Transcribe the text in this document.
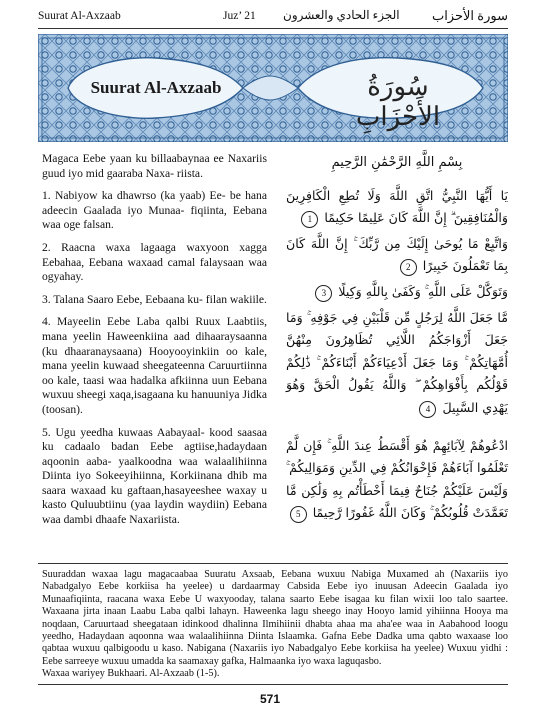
Suurat Al-Axzaab	Juz’ 21 الجزء الحادي والعشرون سورة الأحزاب
Suurat Al-Axzaab	سُورَةُ الأَحْزَابِ

Magaca Eebe yaan ku billaabaynaa ee Naxariis guud iyo mid gaaraba Naxa- riista.

1. Nabiyow ka dhawrso (ka yaab) Ee- be hana adeecin Gaalada iyo Munaa- fiqiinta, Eebana waa oge falsan.

2. Raacna waxa lagaaga waxyoon xagga Eebahaa, Eebana waxaad camal falaysaan waa ogyahay.

3. Talana Saaro Eebe, Eebaana ku- filan wakiile.

4. Mayeelin Eebe Laba qalbi Ruux Laabtiis, mana yeelin Haweenkiina aad dihaaraysaanna (ku dhaaranaysaana) Hooyooyinkiin oo kale, mana yeelin kuwaad sheegateenna Caruurtiinna oo kale, taasi waa hadalka afkiinna uun Eebana wuxuu sheegi xaqa,isagaana ku hanuuniya Jidka (toosan).

5. Ugu yeedha kuwaas Aabayaal- kood saasaa ku cadaalo badan Eebe agtiise,hadaydaan aqoonin aaba- yaalkoodna waa walaalihiinna Diinta iyo Sokeeyihiinna, Korkiinana dhib ma saara waxaad ku gaftaan,hasayeeshee waxay u kasto Quluubtiinu (yaa laydin waydiin) Eebana waa dambi dhaafe Naxariista.

بِسْمِ اللَّهِ الرَّحْمَٰنِ الرَّحِيمِ
يَا أَيُّهَا النَّبِيُّ اتَّقِ اللَّهَ وَلَا تُطِعِ الْكَافِرِينَ وَالْمُنَافِقِينَ ۗ إِنَّ اللَّهَ كَانَ عَلِيمًا حَكِيمًا 1
وَاتَّبِعْ مَا يُوحَىٰ إِلَيْكَ مِن رَّبِّكَ ۚ إِنَّ اللَّهَ كَانَ بِمَا تَعْمَلُونَ خَبِيرًا 2
وَتَوَكَّلْ عَلَى اللَّهِ ۚ وَكَفَىٰ بِاللَّهِ وَكِيلًا 3
مَّا جَعَلَ اللَّهُ لِرَجُلٍ مِّن قَلْبَيْنِ فِي جَوْفِهِ ۚ وَمَا جَعَلَ أَزْوَاجَكُمُ اللَّائِي تُظَاهِرُونَ مِنْهُنَّ أُمَّهَاتِكُمْ ۚ وَمَا جَعَلَ أَدْعِيَاءَكُمْ أَبْنَاءَكُمْ ۚ ذَٰلِكُمْ قَوْلُكُم بِأَفْوَاهِكُمْ ۖ وَاللَّهُ يَقُولُ الْحَقَّ وَهُوَ يَهْدِي السَّبِيلَ 4
ادْعُوهُمْ لِآبَائِهِمْ هُوَ أَقْسَطُ عِندَ اللَّهِ ۚ فَإِن لَّمْ تَعْلَمُوا آبَاءَهُمْ فَإِخْوَانُكُمْ فِي الدِّينِ وَمَوَالِيكُمْ ۚ وَلَيْسَ عَلَيْكُمْ جُنَاحٌ فِيمَا أَخْطَأْتُم بِهِ وَلَٰكِن مَّا تَعَمَّدَتْ قُلُوبُكُمْ ۚ وَكَانَ اللَّهُ غَفُورًا رَّحِيمًا 5

Suuraddan waxaa lagu magacaabaa Suuratu Axsaab, Eebana wuxuu Nabiga Muxamed ah (Naxariis iyo Nabadgalyo Eebe korkiisa ha yeelee) u dardaarmay Cabsida Eebe iyo inuusan Adeecin Gaalada iyo Munaafiqiinta, raacana waxa Eebe U waxyooday, talana saarto Eebe isagaa ku filan wixii loo talo saartee. Waxaana jirta inaan Laabu Laba qalbi lahayn. Haweenka lagu sheego inay Hooyo lamid yihiinna Hooya ma noqdaan, Caruurtaad sheegataan idinkood dhalinna Ilmihiinii dhabta ahaa ma aha'ee waa in Aabahood loogu yeedho, Hadaydaan aqoonna waa walaalihiinna Diinta Islaamka. Gafna Eebe Dadka uma qabto waxaase loo qabtaa wuxuu qalbigoodu u kaso. Nabigana (Naxariis iyo Nabadgalyo Eebe korkiisa ha yeelee) Wuxuu yidhi : Eebe sarreeye wuxuu umadda ka saamaxay gafka, Halmaanka iyo waxa laguqasbo.

Waxaa wariyey Bukhaari. Al-Axzaab (1-5).

571
